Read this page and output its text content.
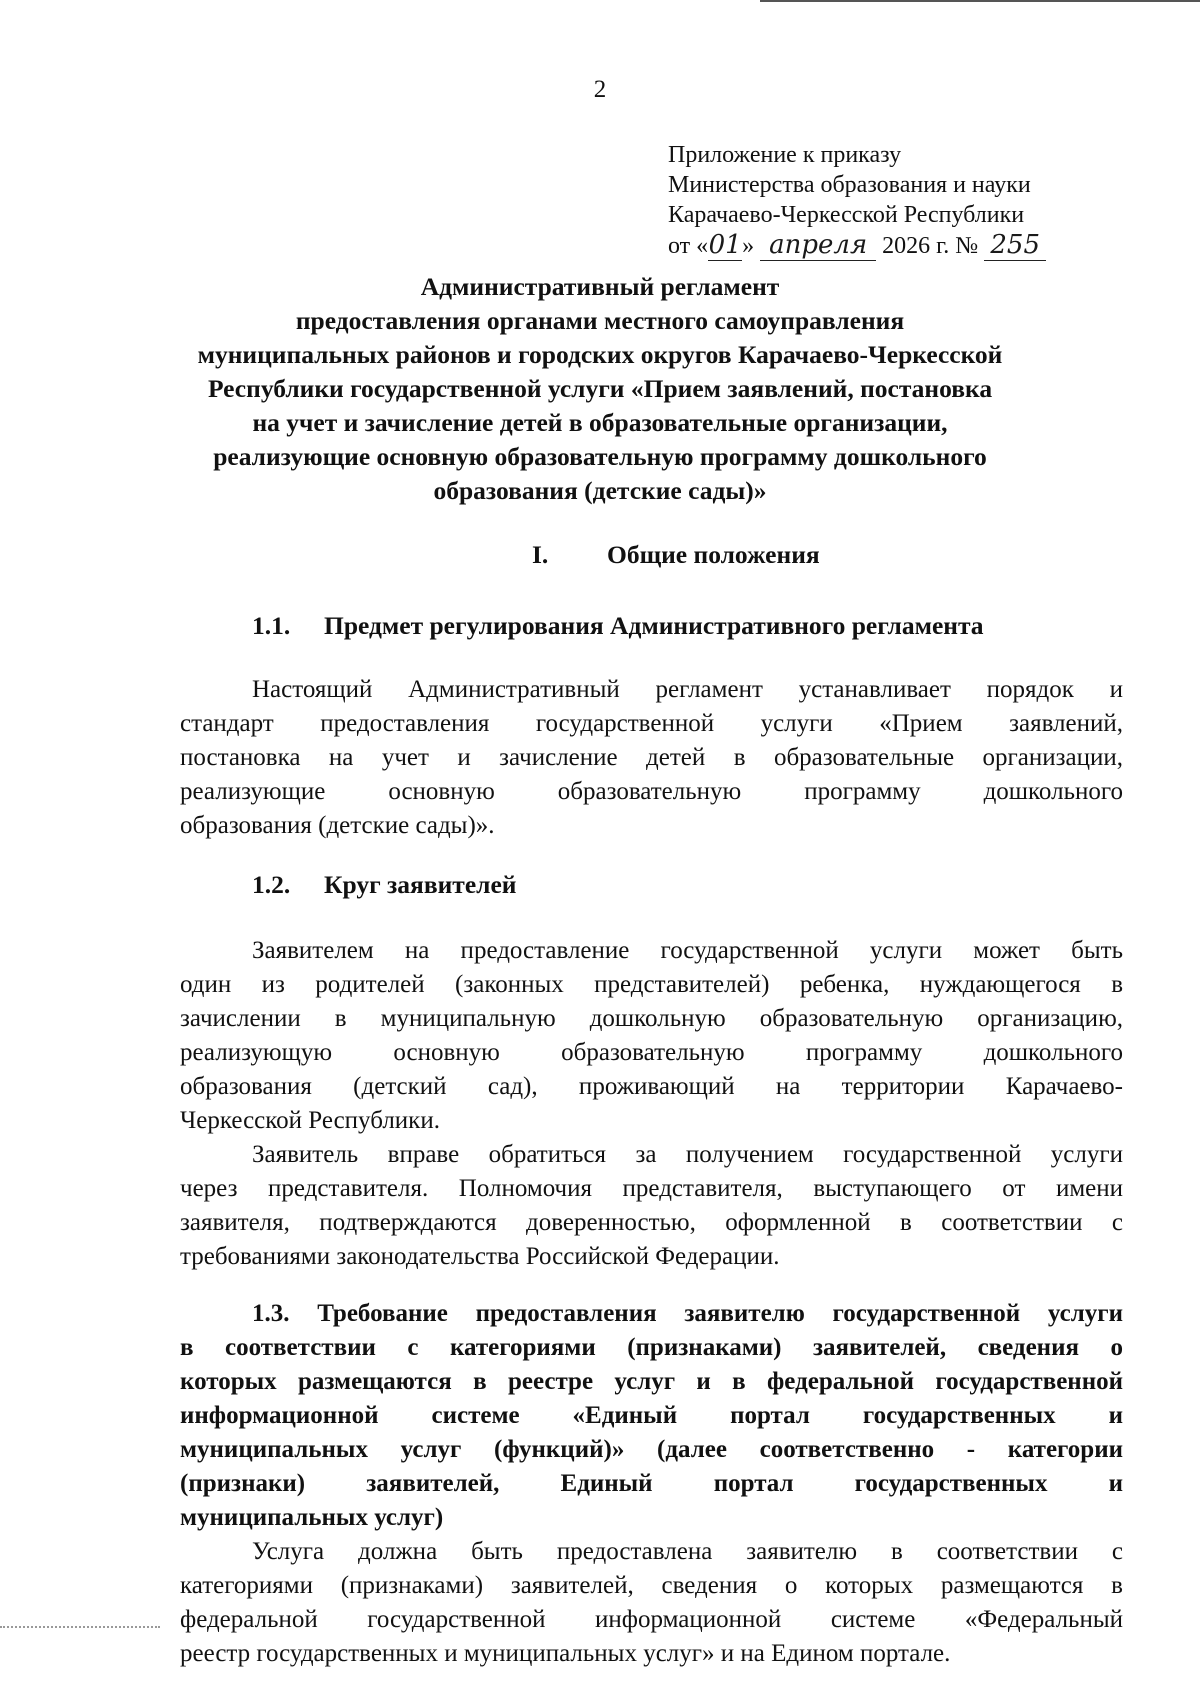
2
Приложение к приказу
Министерства образования и науки
Карачаево-Черкесской Республики
от «01» апреля 2026 г. № 255
Административный регламент
предоставления органами местного самоуправления
муниципальных районов и городских округов Карачаево-Черкесской
Республики государственной услуги «Прием заявлений, постановка
на учет и зачисление детей в образовательные организации,
реализующие основную образовательную программу дошкольного
образования (детские сады)»
I. Общие положения
1.1. Предмет регулирования Административного регламента
Настоящий Административный регламент устанавливает порядок и
стандарт предоставления государственной услуги «Прием заявлений,
постановка на учет и зачисление детей в образовательные организации,
реализующие основную образовательную программу дошкольного
образования (детские сады)».
1.2. Круг заявителей
Заявителем на предоставление государственной услуги может быть
один из родителей (законных представителей) ребенка, нуждающегося в
зачислении в муниципальную дошкольную образовательную организацию,
реализующую основную образовательную программу дошкольного
образования (детский сад), проживающий на территории Карачаево-
Черкесской Республики.
Заявитель вправе обратиться за получением государственной услуги
через представителя. Полномочия представителя, выступающего от имени
заявителя, подтверждаются доверенностью, оформленной в соответствии с
требованиями законодательства Российской Федерации.
1.3. Требование предоставления заявителю государственной услуги
в соответствии с категориями (признаками) заявителей, сведения о
которых размещаются в реестре услуг и в федеральной государственной
информационной системе «Единый портал государственных и
муниципальных услуг (функций)» (далее соответственно - категории
(признаки) заявителей, Единый портал государственных и
муниципальных услуг)
Услуга должна быть предоставлена заявителю в соответствии с
категориями (признаками) заявителей, сведения о которых размещаются в
федеральной государственной информационной системе «Федеральный
реестр государственных и муниципальных услуг» и на Едином портале.
